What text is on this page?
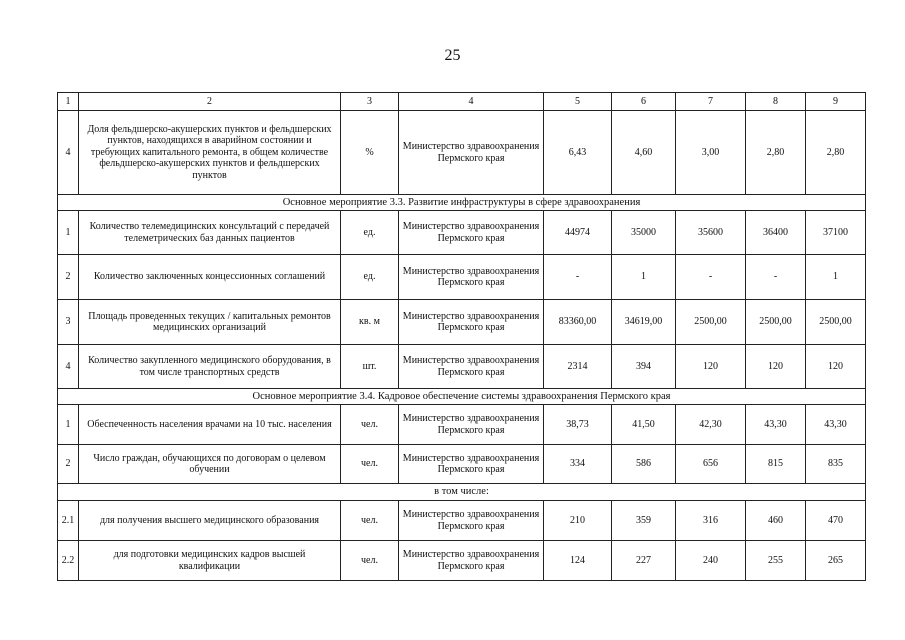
25
1	2	3	4	5	6	7	8	9
4	Доля фельдшерско-акушерских пунктов и фельдшерских пунктов, находящихся в аварийном состоянии и требующих капитального ремонта, в общем количестве фельдшерско-акушерских пунктов и фельдшерских пунктов	%	Министерство здравоохранения Пермского края	6,43	4,60	3,00	2,80	2,80
Основное мероприятие 3.3. Развитие инфраструктуры в сфере здравоохранения								
1	Количество телемедицинских консультаций с передачей телеметрических баз данных пациентов	ед.	Министерство здравоохранения Пермского края	44974	35000	35600	36400	37100
2	Количество заключенных концессионных соглашений	ед.	Министерство здравоохранения Пермского края	-	1	-	-	1
3	Площадь проведенных текущих / капитальных ремонтов медицинских организаций	кв. м	Министерство здравоохранения Пермского края	83360,00	34619,00	2500,00	2500,00	2500,00
4	Количество закупленного медицинского оборудования, в том числе транспортных средств	шт.	Министерство здравоохранения Пермского края	2314	394	120	120	120
Основное мероприятие 3.4. Кадровое обеспечение системы здравоохранения Пермского края								
1	Обеспеченность населения врачами на 10 тыс. населения	чел.	Министерство здравоохранения Пермского края	38,73	41,50	42,30	43,30	43,30
2	Число граждан, обучающихся по договорам о целевом обучении	чел.	Министерство здравоохранения Пермского края	334	586	656	815	835
в том числе:								
2.1	для получения высшего медицинского образования	чел.	Министерство здравоохранения Пермского края	210	359	316	460	470
2.2	для подготовки медицинских кадров высшей квалификации	чел.	Министерство здравоохранения Пермского края	124	227	240	255	265
